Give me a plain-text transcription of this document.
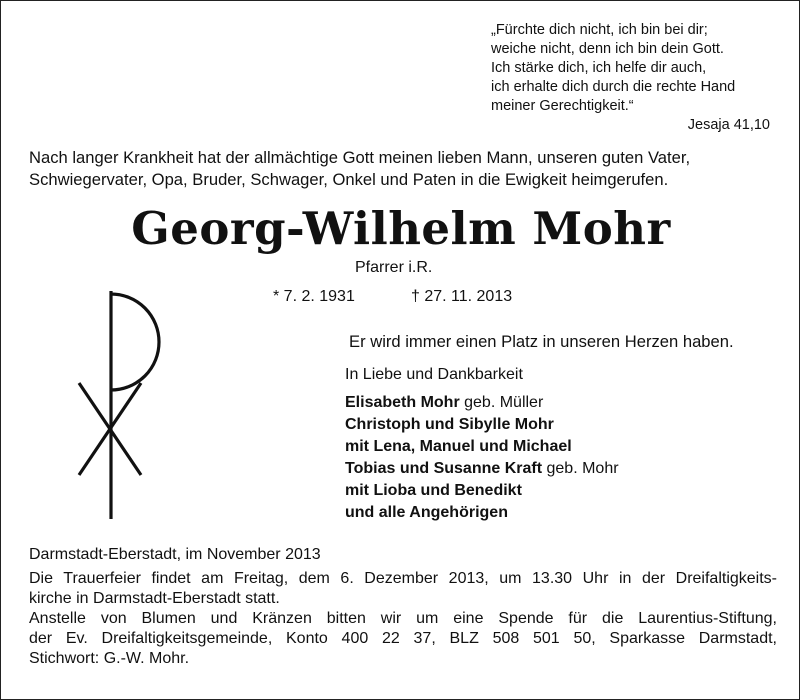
„Fürchte dich nicht, ich bin bei dir;
weiche nicht, denn ich bin dein Gott.
Ich stärke dich, ich helfe dir auch,
ich erhalte dich durch die rechte Hand
meiner Gerechtigkeit.“
Jesaja 41,10
Nach langer Krankheit hat der allmächtige Gott meinen lieben Mann, unseren guten Vater,
Schwiegervater, Opa, Bruder, Schwager, Onkel und Paten in die Ewigkeit heimgerufen.
Georg-Wilhelm Mohr
Pfarrer i.R.
* 7. 2. 1931	† 27. 11. 2013
Er wird immer einen Platz in unseren Herzen haben.
In Liebe und Dankbarkeit
Elisabeth Mohr geb. Müller
Christoph und Sibylle Mohr
mit Lena, Manuel und Michael
Tobias und Susanne Kraft geb. Mohr
mit Lioba und Benedikt
und alle Angehörigen
Darmstadt-Eberstadt, im November 2013
Die Trauerfeier findet am Freitag, dem 6. Dezember 2013, um 13.30 Uhr in der Dreifaltigkeits-
kirche in Darmstadt-Eberstadt statt.
Anstelle von Blumen und Kränzen bitten wir um eine Spende für die Laurentius-Stiftung,
der Ev. Dreifaltigkeitsgemeinde, Konto 400 22 37, BLZ 508 501 50, Sparkasse Darmstadt,
Stichwort: G.-W. Mohr.
